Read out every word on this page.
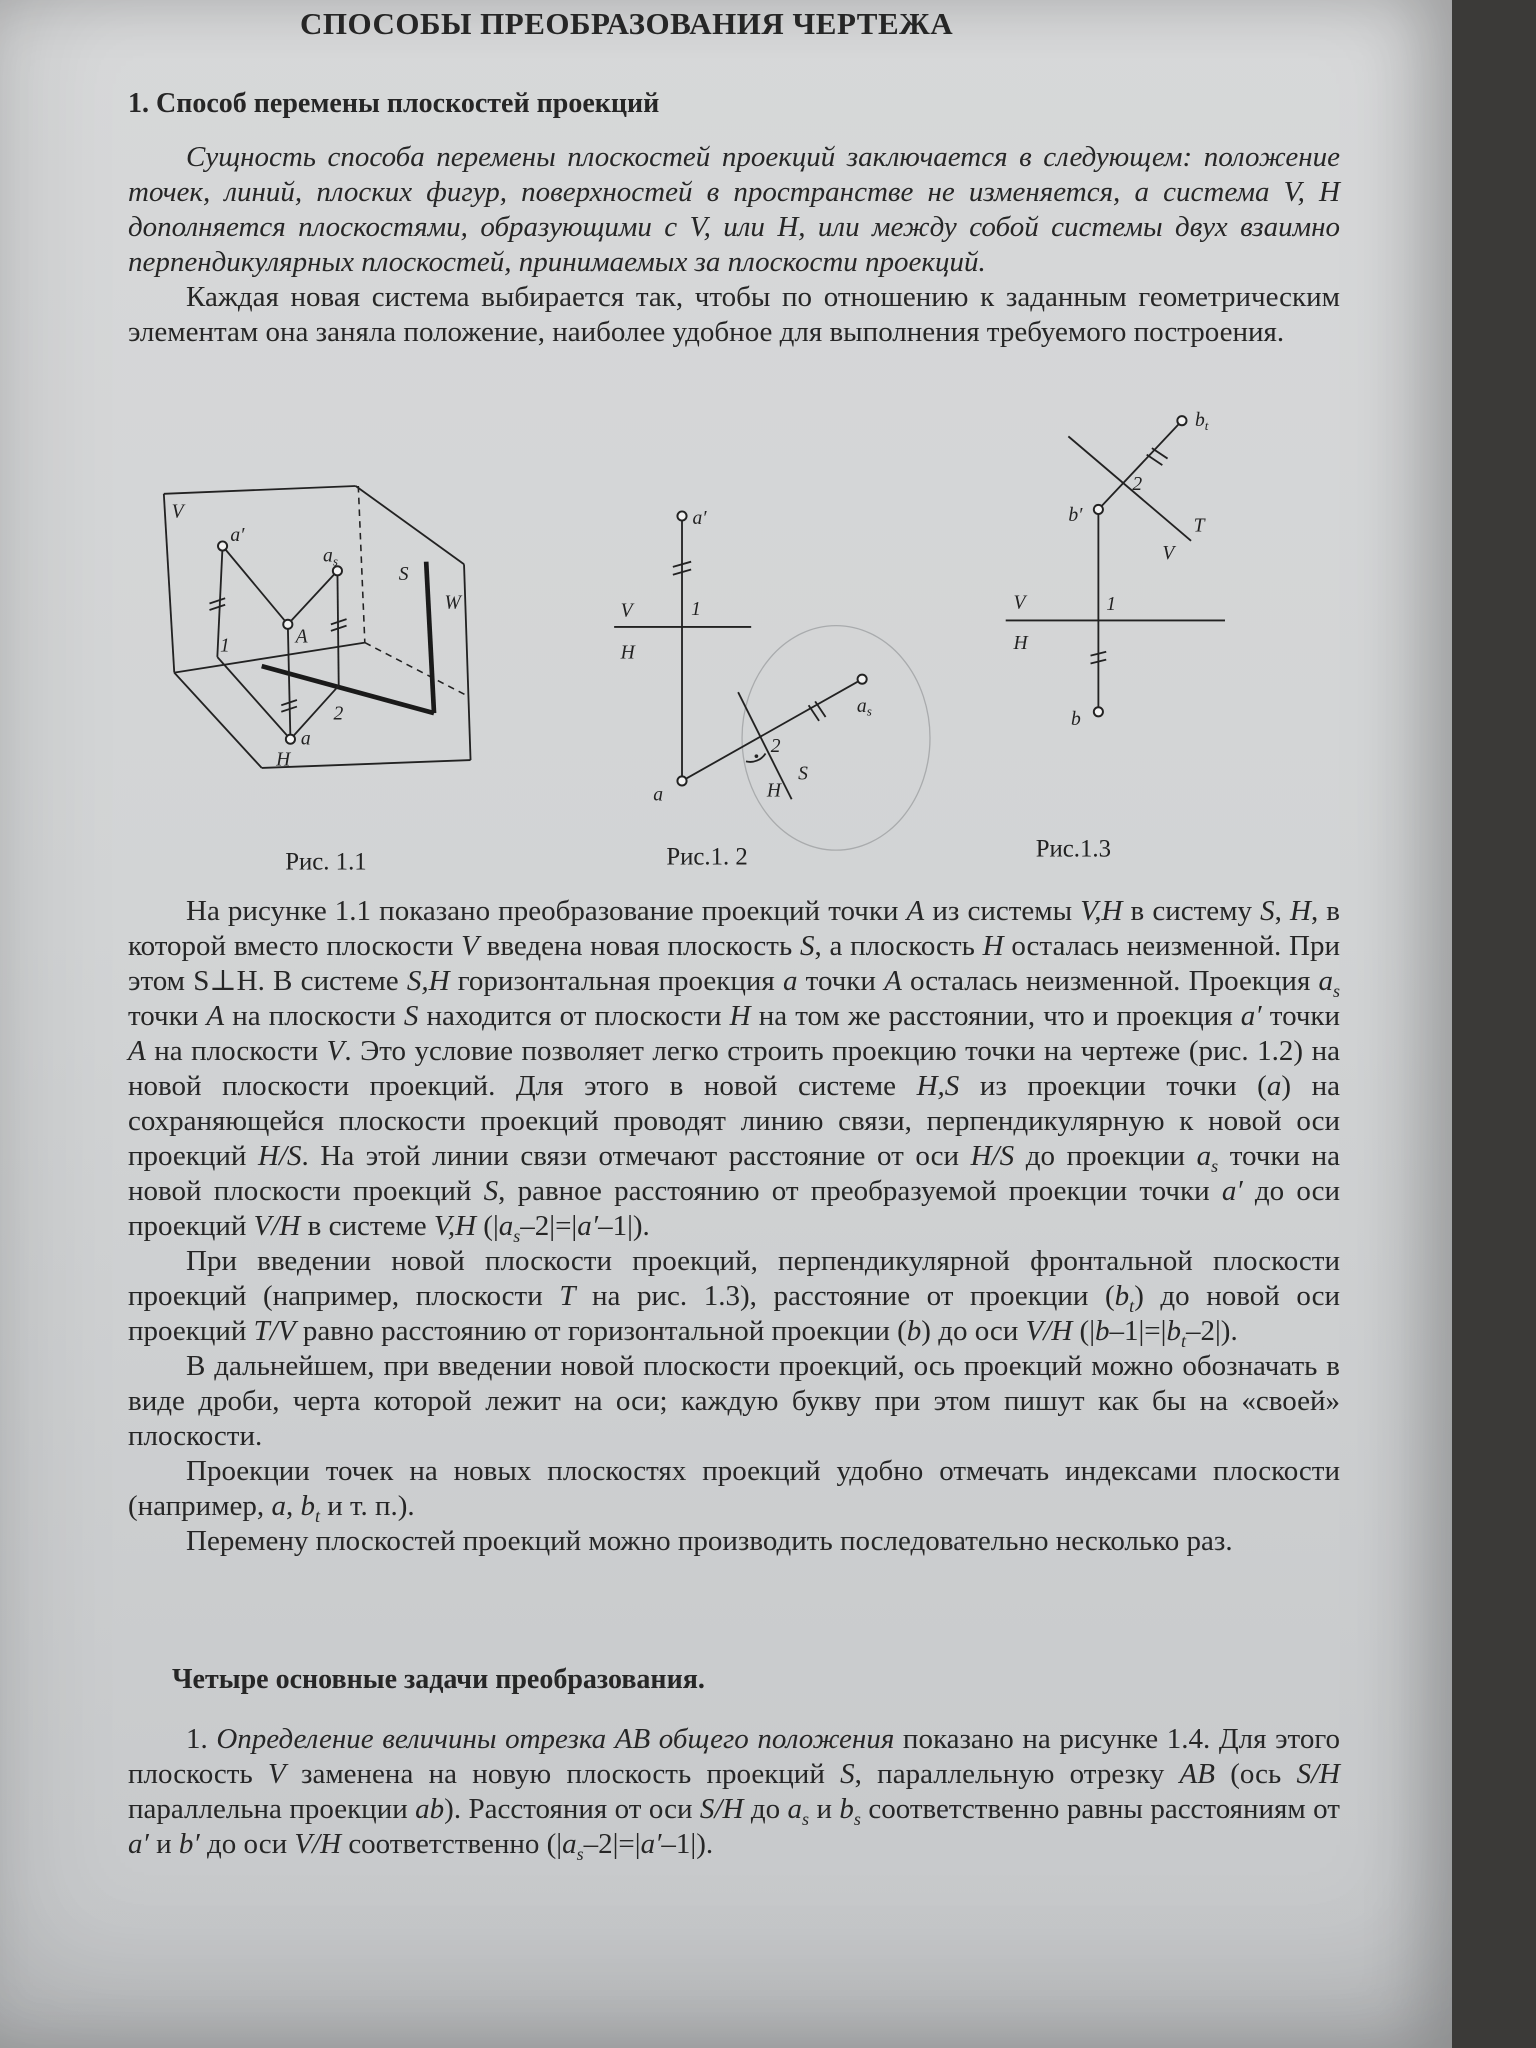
СПОСОБЫ ПРЕОБРАЗОВАНИЯ ЧЕРТЕЖА
1. Способ перемены плоскостей проекций

Сущность способа перемены плоскостей проекций заключается в следующем: положение точек, линий, плоских фигур, поверхностей в пространстве не изменяется, а система V, H дополняется плоскостями, образующими с V, или H, или между собой системы двух взаимно перпендикулярных плоскостей, принимаемых за плоскости проекций.

Каждая новая система выбирается так, чтобы по отношению к заданным геометрическим элементам она заняла положение, наиболее удобное для выполнения требуемого построения.

V
a′
$a_s$
S
W
A
1
2
a
H
Рис. 1.1
a′
V
H
1
$a_s$
2
H
S
a
Рис.1. 2
$b_t$
2
b′	T
V
V	1
H
b
Рис.1.3

На рисунке 1.1 показано преобразование проекций точки A из системы V,H в систему S, H, в которой вместо плоскости V введена новая плоскость S, а плоскость H осталась неизменной. При этом S⊥H. В системе S,H горизонтальная проекция a точки A осталась неизменной. Проекция $a_s$ точки A на плоскости S находится от плоскости H на том же расстоянии, что и проекция a′ точки A на плоскости V. Это условие позволяет легко строить проекцию точки на чертеже (рис. 1.2) на новой плоскости проекций. Для этого в новой системе H,S из проекции точки (a) на сохраняющейся плоскости проекций проводят линию связи, перпендикулярную к новой оси проекций H/S. На этой линии связи отмечают расстояние от оси H/S до проекции $a_s$ точки на новой плоскости проекций S, равное расстоянию от преобразуемой проекции точки a′ до оси проекций V/H в системе V,H $(|a_s-2|=|a'-1|)$.

При введении новой плоскости проекций, перпендикулярной фронтальной плоскости проекций (например, плоскости T на рис. 1.3), расстояние от проекции $(b_t)$ до новой оси проекций T/V равно расстоянию от горизонтальной проекции (b) до оси V/H $(|b-1|=|b_t-2|)$.

В дальнейшем, при введении новой плоскости проекций, ось проекций можно обозначать в виде дроби, черта которой лежит на оси; каждую букву при этом пишут как бы на «своей» плоскости.

Проекции точек на новых плоскостях проекций удобно отмечать индексами плоскости (например, a, $b_t$ и т. п.).

Перемену плоскостей проекций можно производить последовательно несколько раз.

Четыре основные задачи преобразования.

1. Определение величины отрезка AB общего положения показано на рисунке 1.4. Для этого плоскость V заменена на новую плоскость проекций S, параллельную отрезку AB (ось S/H параллельна проекции ab). Расстояния от оси S/H до $a_s$ и $b_s$ соответственно равны расстояниям от a′ и b′ до оси V/H соответственно $(|a_s-2|=|a'-1|)$.
